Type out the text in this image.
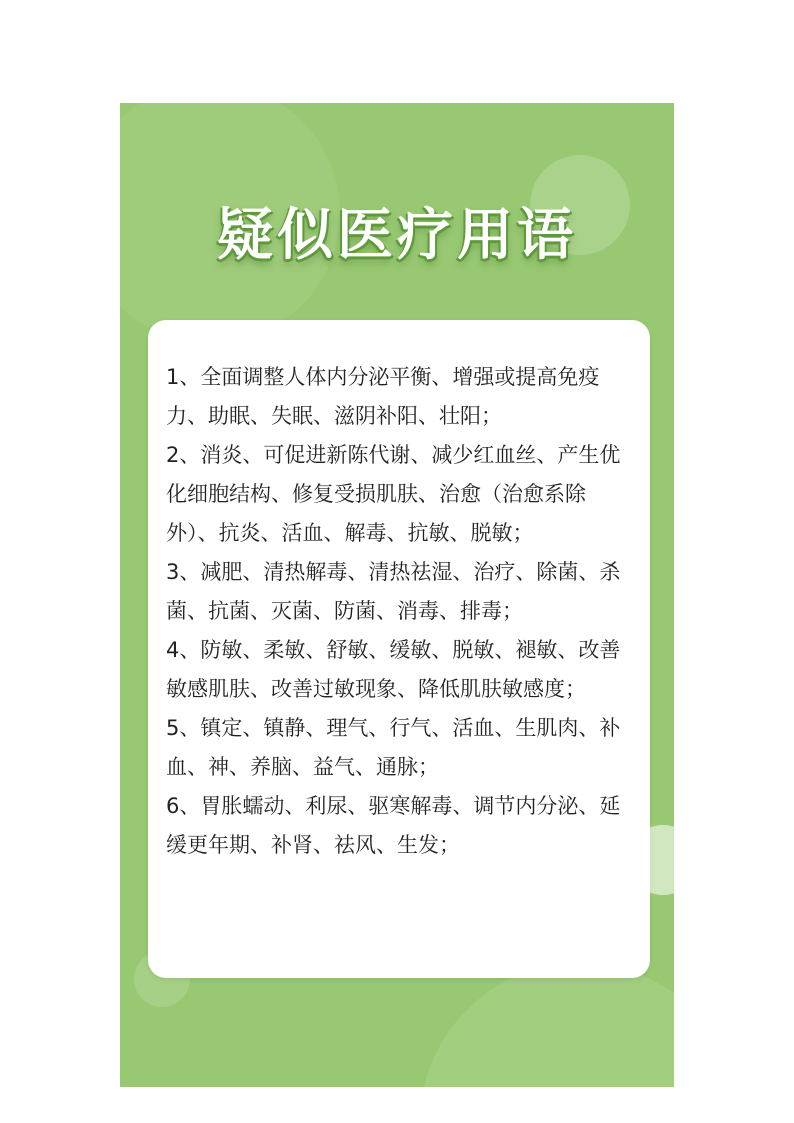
疑似医疗用语
1、全面调整人体内分泌平衡、增强或提高免疫力、助眠、失眠、滋阴补阳、壮阳；
2、消炎、可促进新陈代谢、减少红血丝、产生优化细胞结构、修复受损肌肤、治愈（治愈系除外）、抗炎、活血、解毒、抗敏、脱敏；
3、减肥、清热解毒、清热祛湿、治疗、除菌、杀菌、抗菌、灭菌、防菌、消毒、排毒；
4、防敏、柔敏、舒敏、缓敏、脱敏、褪敏、改善敏感肌肤、改善过敏现象、降低肌肤敏感度；
5、镇定、镇静、理气、行气、活血、生肌肉、补血、神、养脑、益气、通脉；
6、胃胀蠕动、利尿、驱寒解毒、调节内分泌、延缓更年期、补肾、祛风、生发；
